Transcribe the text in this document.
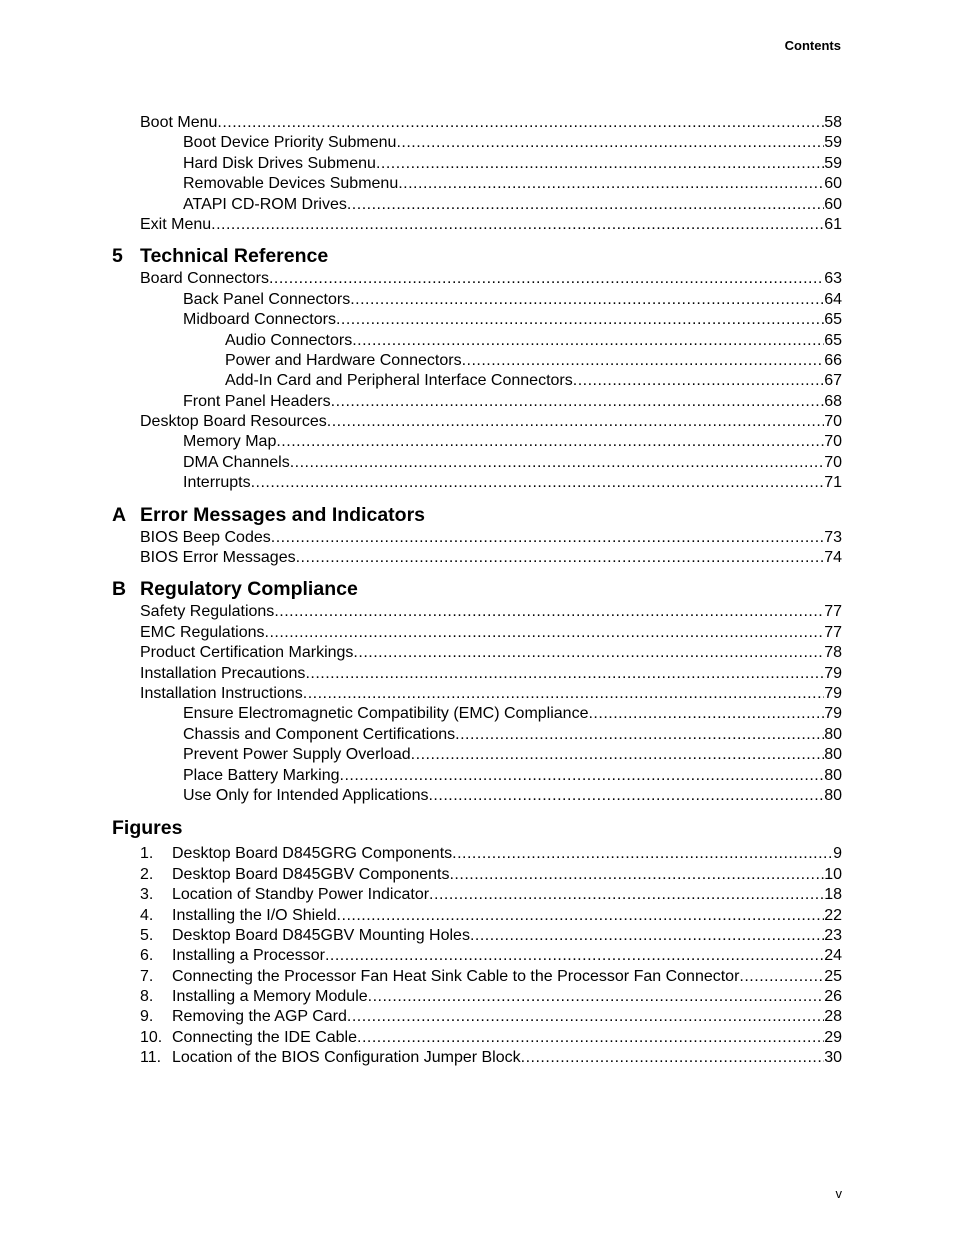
Contents
Boot Menu .....	58
Boot Device Priority Submenu .....	59
Hard Disk Drives Submenu .....	59
Removable Devices Submenu .....	60
ATAPI CD-ROM Drives .....	60
Exit Menu .....	61
5 Technical Reference
Board Connectors .....	63
Back Panel Connectors .....	64
Midboard Connectors .....	65
Audio Connectors .....	65
Power and Hardware Connectors .....	66
Add-In Card and Peripheral Interface Connectors .....	67
Front Panel Headers .....	68
Desktop Board Resources .....	70
Memory Map .....	70
DMA Channels .....	70
Interrupts .....	71
A Error Messages and Indicators
BIOS Beep Codes .....	73
BIOS Error Messages .....	74
B Regulatory Compliance
Safety Regulations .....	77
EMC Regulations .....	77
Product Certification Markings .....	78
Installation Precautions .....	79
Installation Instructions .....	79
Ensure Electromagnetic Compatibility (EMC) Compliance .....	79
Chassis and Component Certifications .....	80
Prevent Power Supply Overload .....	80
Place Battery Marking .....	80
Use Only for Intended Applications .....	80
Figures
1. Desktop Board D845GRG Components .....	9
2. Desktop Board D845GBV Components .....	10
3. Location of Standby Power Indicator .....	18
4. Installing the I/O Shield .....	22
5. Desktop Board D845GBV Mounting Holes .....	23
6. Installing a Processor .....	24
7. Connecting the Processor Fan Heat Sink Cable to the Processor Fan Connector .....	25
8. Installing a Memory Module .....	26
9. Removing the AGP Card .....	28
10. Connecting the IDE Cable .....	29
11. Location of the BIOS Configuration Jumper Block .....	30
v
